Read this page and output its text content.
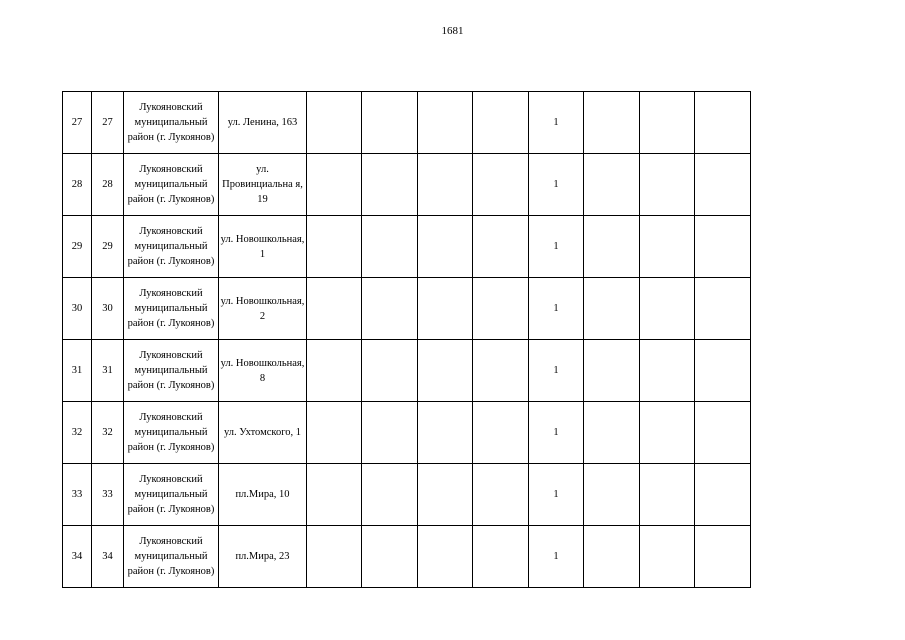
1681
27	27	Лукояновский муниципальный район (г. Лукоянов)	ул. Ленина, 163					1			
28	28	Лукояновский муниципальный район (г. Лукоянов)	ул. Провинциальна я, 19					1			
29	29	Лукояновский муниципальный район (г. Лукоянов)	ул. Новошкольная, 1					1			
30	30	Лукояновский муниципальный район (г. Лукоянов)	ул. Новошкольная, 2					1			
31	31	Лукояновский муниципальный район (г. Лукоянов)	ул. Новошкольная, 8					1			
32	32	Лукояновский муниципальный район (г. Лукоянов)	ул. Ухтомского, 1					1			
33	33	Лукояновский муниципальный район (г. Лукоянов)	пл.Мира, 10					1			
34	34	Лукояновский муниципальный район (г. Лукоянов)	пл.Мира, 23					1			
